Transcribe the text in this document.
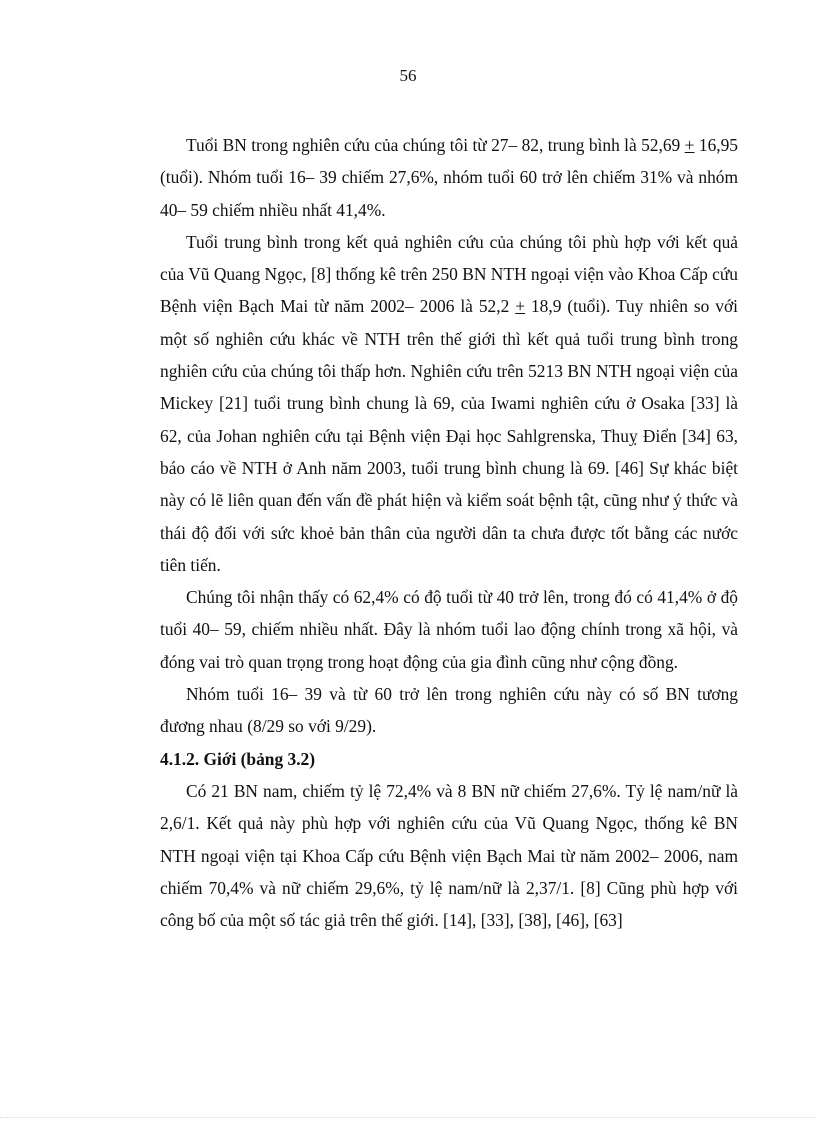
56

Tuổi BN trong nghiên cứu của chúng tôi từ 27– 82, trung bình là 52,69 + 16,95 (tuổi). Nhóm tuổi 16– 39 chiếm 27,6%, nhóm tuổi 60 trở lên chiếm 31% và nhóm 40– 59 chiếm nhiều nhất 41,4%.

Tuổi trung bình trong kết quả nghiên cứu của chúng tôi phù hợp với kết quả của Vũ Quang Ngọc, [8] thống kê trên 250 BN NTH ngoại viện vào Khoa Cấp cứu Bệnh viện Bạch Mai từ năm 2002– 2006 là 52,2 + 18,9 (tuổi). Tuy nhiên so với một số nghiên cứu khác về NTH trên thế giới thì kết quả tuổi trung bình trong nghiên cứu của chúng tôi thấp hơn. Nghiên cứu trên 5213 BN NTH ngoại viện của Mickey [21] tuổi trung bình chung là 69, của Iwami nghiên cứu ở Osaka [33] là 62, của Johan nghiên cứu tại Bệnh viện Đại học Sahlgrenska, Thuỵ Điển [34] 63, báo cáo về NTH ở Anh năm 2003, tuổi trung bình chung là 69. [46] Sự khác biệt này có lẽ liên quan đến vấn đề phát hiện và kiểm soát bệnh tật, cũng như ý thức và thái độ đối với sức khoẻ bản thân của người dân ta chưa được tốt bằng các nước tiên tiến.

Chúng tôi nhận thấy có 62,4% có độ tuổi từ 40 trở lên, trong đó có 41,4% ở độ tuổi 40– 59, chiếm nhiều nhất. Đây là nhóm tuổi lao động chính trong xã hội, và đóng vai trò quan trọng trong hoạt động của gia đình cũng như cộng đồng.

Nhóm tuổi 16– 39 và từ 60 trở lên trong nghiên cứu này có số BN tương đương nhau (8/29 so với 9/29).

4.1.2. Giới (bảng 3.2)

Có 21 BN nam, chiếm tỷ lệ 72,4% và 8 BN nữ chiếm 27,6%. Tỷ lệ nam/nữ là 2,6/1. Kết quả này phù hợp với nghiên cứu của Vũ Quang Ngọc, thống kê BN NTH ngoại viện tại Khoa Cấp cứu Bệnh viện Bạch Mai từ năm 2002– 2006, nam chiếm 70,4% và nữ chiếm 29,6%, tỷ lệ nam/nữ là 2,37/1. [8] Cũng phù hợp với công bố của một số tác giả trên thế giới. [14], [33], [38], [46], [63]
